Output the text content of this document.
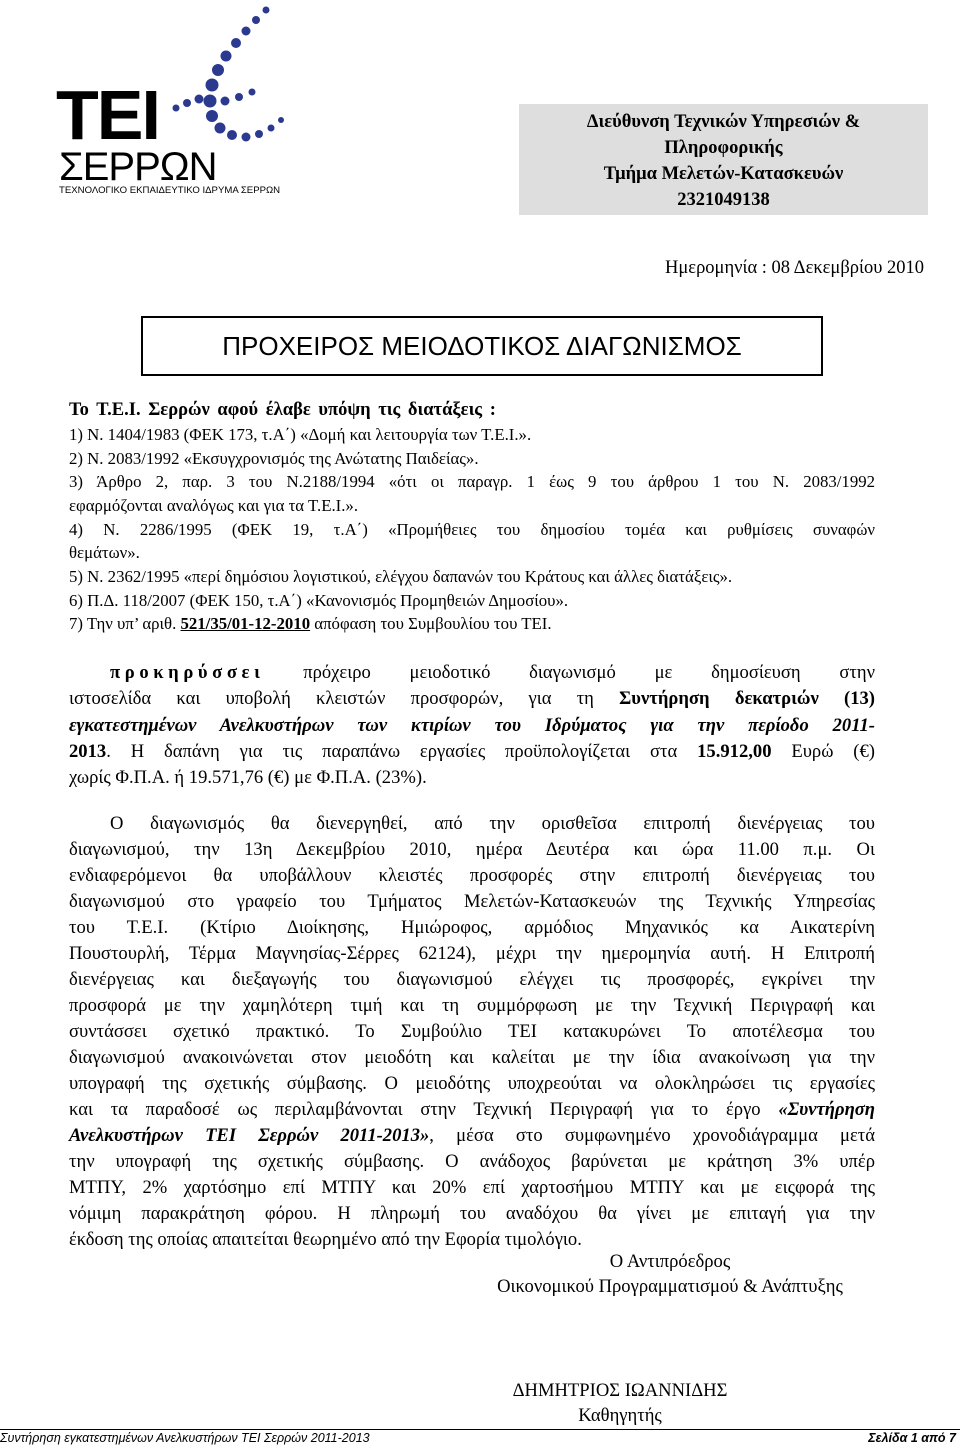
ΤΕΙ
ΣΕΡΡΩΝ
ΤΕΧΝΟΛΟΓΙΚΟ ΕΚΠΑΙΔΕΥΤΙΚΟ ΙΔΡΥΜΑ ΣΕΡΡΩΝ
Διεύθυνση Τεχνικών Υπηρεσιών &
Πληροφορικής
Τμήμα Μελετών-Κατασκευών
2321049138
Ημερομηνία : 08 Δεκεμβρίου 2010
ΠΡΟΧΕΙΡΟΣ ΜΕΙΟΔΟΤΙΚΟΣ ΔΙΑΓΩΝΙΣΜΟΣ
Το Τ.Ε.Ι. Σερρών αφού έλαβε υπόψη τις διατάξεις :
1) Ν. 1404/1983 (ΦΕΚ 173, τ.Α΄) «Δομή και λειτουργία των Τ.Ε.Ι.».
2) Ν. 2083/1992 «Εκσυγχρονισμός της Ανώτατης Παιδείας».
3) Άρθρο 2, παρ. 3 του Ν.2188/1994 «ότι οι παραγρ. 1 έως 9 του άρθρου 1 του Ν. 2083/1992
εφαρμόζονται αναλόγως και για τα Τ.Ε.Ι.».
4) Ν. 2286/1995 (ΦΕΚ 19, τ.Α΄) «Προμήθειες του δημοσίου τομέα και ρυθμίσεις συναφών
θεμάτων».
5) Ν. 2362/1995 «περί δημόσιου λογιστικού, ελέγχου δαπανών του Κράτους και άλλες διατάξεις».
6) Π.Δ. 118/2007 (ΦΕΚ 150, τ.Α΄) «Κανονισμός Προμηθειών Δημοσίου».
7) Την υπ’ αριθ. 521/35/01-12-2010 απόφαση του Συμβουλίου του ΤΕΙ.
προκηρύσσει πρόχειρο μειοδοτικό διαγωνισμό με δημοσίευση στην
ιστοσελίδα και υποβολή κλειστών προσφορών, για τη Συντήρηση δεκατριών (13)
εγκατεστημένων Ανελκυστήρων των κτιρίων του Ιδρύματος για την περίοδο 2011-
2013. Η δαπάνη για τις παραπάνω εργασίες προϋπολογίζεται στα 15.912,00 Ευρώ (€)
χωρίς Φ.Π.Α. ή 19.571,76 (€) με Φ.Π.Α. (23%).
Ο διαγωνισμός θα διενεργηθεί, από την ορισθεῖσα επιτροπή διενέργειας του
διαγωνισμού, την 13η Δεκεμβρίου 2010, ημέρα Δευτέρα και ώρα 11.00 π.μ. Οι
ενδιαφερόμενοι θα υποβάλλουν κλειστές προσφορές στην επιτροπή διενέργειας του
διαγωνισμού στο γραφείο του Τμήματος Μελετών-Κατασκευών της Τεχνικής Υπηρεσίας
του Τ.Ε.Ι. (Κτίριο Διοίκησης, Ημιώροφος, αρμόδιος Μηχανικός κα Αικατερίνη
Πουστουρλή, Τέρμα Μαγνησίας-Σέρρες 62124), μέχρι την ημερομηνία αυτή. Η Επιτροπή
διενέργειας και διεξαγωγής του διαγωνισμού ελέγχει τις προσφορές, εγκρίνει την
προσφορά με την χαμηλότερη τιμή και τη συμμόρφωση με την Τεχνική Περιγραφή και
συντάσσει σχετικό πρακτικό. Το Συμβούλιο ΤΕΙ κατακυρώνει Το αποτέλεσμα του
διαγωνισμού ανακοινώνεται στον μειοδότη και καλείται με την ίδια ανακοίνωση για την
υπογραφή της σχετικής σύμβασης. Ο μειοδότης υποχρεούται να ολοκληρώσει τις εργασίες
και τα παραδοσέ ως περιλαμβάνονται στην Τεχνική Περιγραφή για το έργο «Συντήρηση
Ανελκυστήρων ΤΕΙ Σερρών 2011-2013», μέσα στο συμφωνημένο χρονοδιάγραμμα μετά
την υπογραφή της σχετικής σύμβασης. Ο ανάδοχος βαρύνεται με κράτηση 3% υπέρ
ΜΤΠΥ, 2% χαρτόσημο επί ΜΤΠΥ και 20% επί χαρτοσήμου ΜΤΠΥ και με ειςφορά της
νόμιμη παρακράτηση φόρου. Η πληρωμή του αναδόχου θα γίνει με επιταγή για την
έκδοση της οποίας απαιτείται θεωρημένο από την Εφορία τιμολόγιο.
Ο Αντιπρόεδρος
Οικονομικού Προγραμματισμού & Ανάπτυξης
ΔΗΜΗΤΡΙΟΣ ΙΩΑΝΝΙΔΗΣ
Καθηγητής
Συντήρηση εγκατεστημένων Ανελκυστήρων ΤΕΙ Σερρών 2011-2013	Σελίδα 1 από 7
